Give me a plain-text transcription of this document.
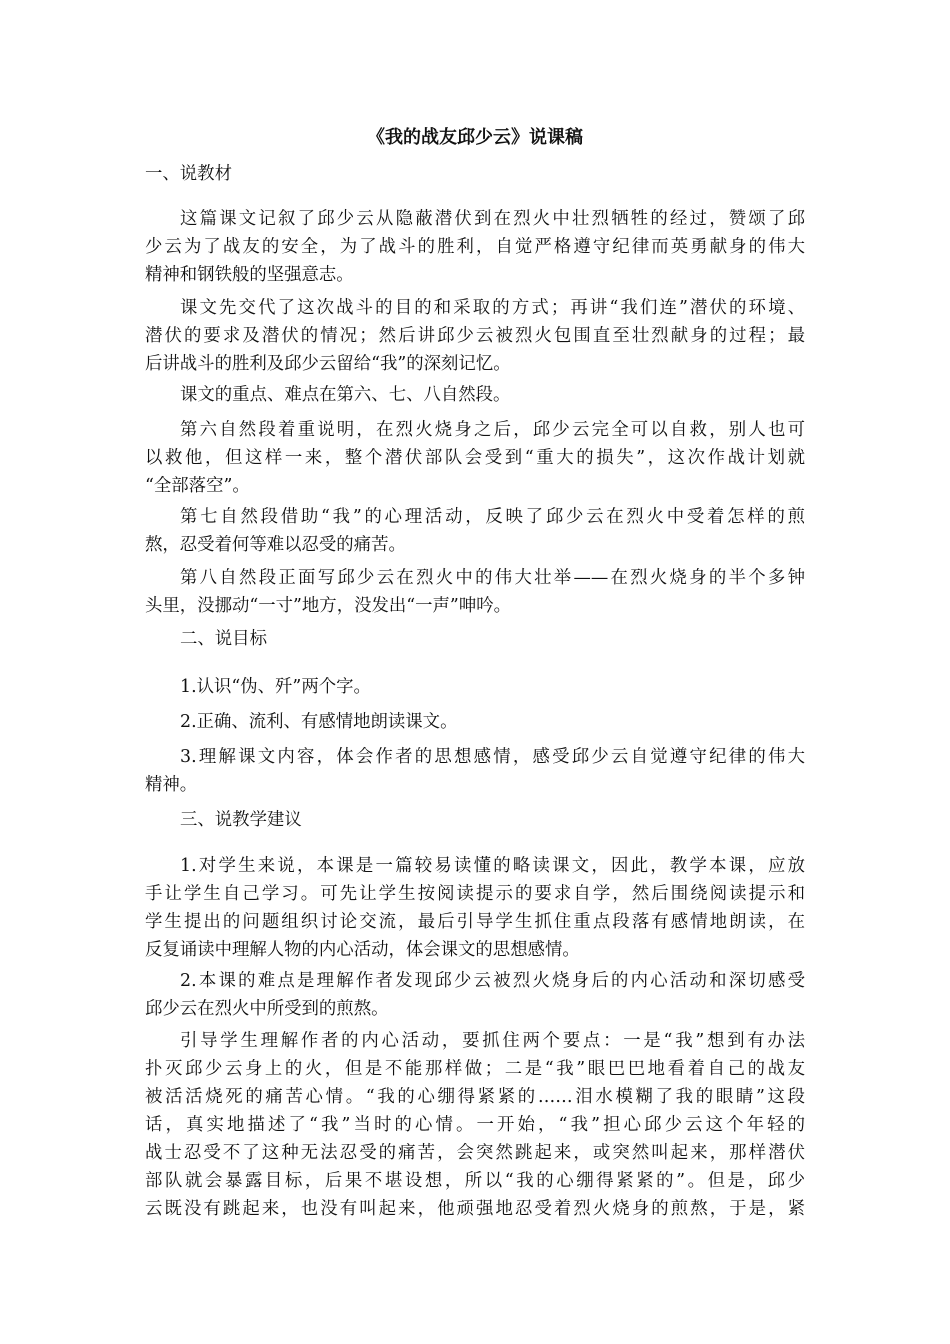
《我的战友邱少云》说课稿

一、说教材

这篇课文记叙了邱少云从隐蔽潜伏到在烈火中壮烈牺牲的经过，赞颂了邱
少云为了战友的安全，为了战斗的胜利，自觉严格遵守纪律而英勇献身的伟大
精神和钢铁般的坚强意志。

课文先交代了这次战斗的目的和采取的方式；再讲“我们连”潜伏的环境、
潜伏的要求及潜伏的情况；然后讲邱少云被烈火包围直至壮烈献身的过程；最
后讲战斗的胜利及邱少云留给“我”的深刻记忆。

课文的重点、难点在第六、七、八自然段。

第六自然段着重说明，在烈火烧身之后，邱少云完全可以自救，别人也可
以救他，但这样一来，整个潜伏部队会受到“重大的损失”，这次作战计划就
“全部落空”。

第七自然段借助“我”的心理活动，反映了邱少云在烈火中受着怎样的煎
熬，忍受着何等难以忍受的痛苦。

第八自然段正面写邱少云在烈火中的伟大壮举——在烈火烧身的半个多钟
头里，没挪动“一寸”地方，没发出“一声”呻吟。

二、说目标

1.认识“伪、歼”两个字。

2.正确、流利、有感情地朗读课文。

3.理解课文内容，体会作者的思想感情，感受邱少云自觉遵守纪律的伟大
精神。

三、说教学建议

1.对学生来说，本课是一篇较易读懂的略读课文，因此，教学本课，应放
手让学生自己学习。可先让学生按阅读提示的要求自学，然后围绕阅读提示和
学生提出的问题组织讨论交流，最后引导学生抓住重点段落有感情地朗读，在
反复诵读中理解人物的内心活动，体会课文的思想感情。

2.本课的难点是理解作者发现邱少云被烈火烧身后的内心活动和深切感受
邱少云在烈火中所受到的煎熬。

引导学生理解作者的内心活动，要抓住两个要点：一是“我”想到有办法
扑灭邱少云身上的火，但是不能那样做；二是“我”眼巴巴地看着自己的战友
被活活烧死的痛苦心情。“我的心绷得紧紧的……泪水模糊了我的眼睛”这段
话，真实地描述了“我”当时的心情。一开始，“我”担心邱少云这个年轻的
战士忍受不了这种无法忍受的痛苦，会突然跳起来，或突然叫起来，那样潜伏
部队就会暴露目标，后果不堪设想，所以“我的心绷得紧紧的”。但是，邱少
云既没有跳起来，也没有叫起来，他顽强地忍受着烈火烧身的煎熬，于是，紧
